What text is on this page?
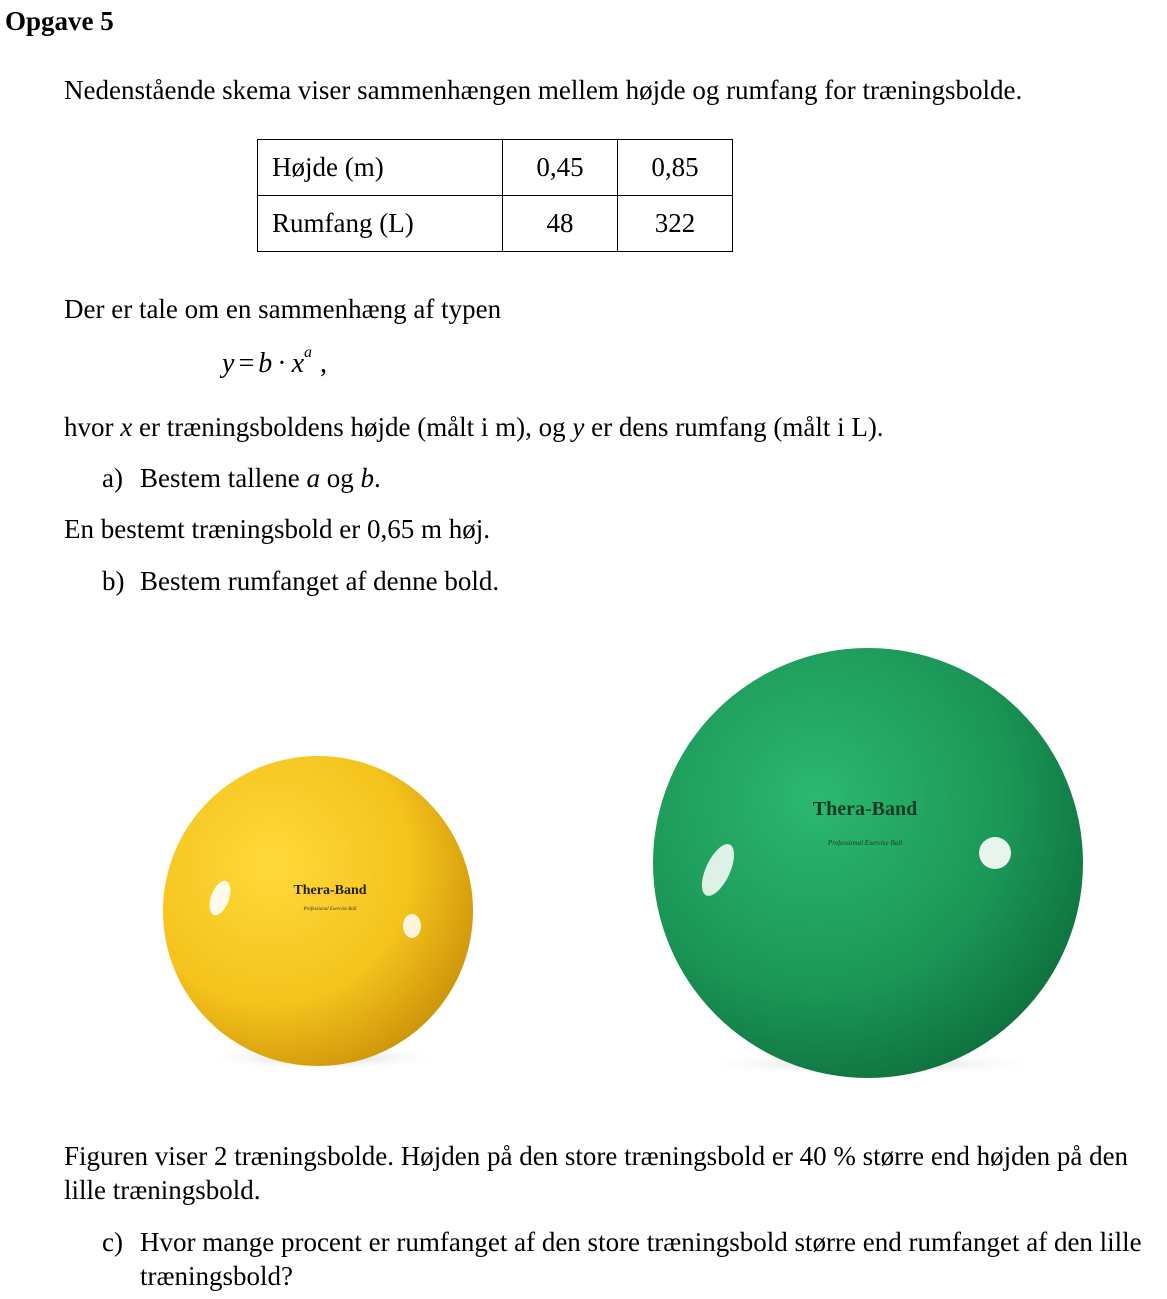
Opgave 5
Nedenstående skema viser sammenhængen mellem højde og rumfang for træningsbolde.
Højde (m)	0,45	0,85
Rumfang (L)	48	322
Der er tale om en sammenhæng af typen
$y = b \cdot x^a$ ,
hvor x er træningsboldens højde (målt i m), og y er dens rumfang (målt i L).
a) Bestem tallene a og b.
En bestemt træningsbold er 0,65 m høj.
b) Bestem rumfanget af denne bold.
Thera-Band
Professional Exercise Ball
Thera-Band
Professional Exercise Ball
Figuren viser 2 træningsbolde. Højden på den store træningsbold er 40 % større end højden på den lille træningsbold.
c) Hvor mange procent er rumfanget af den store træningsbold større end rumfanget af den lille træningsbold?
